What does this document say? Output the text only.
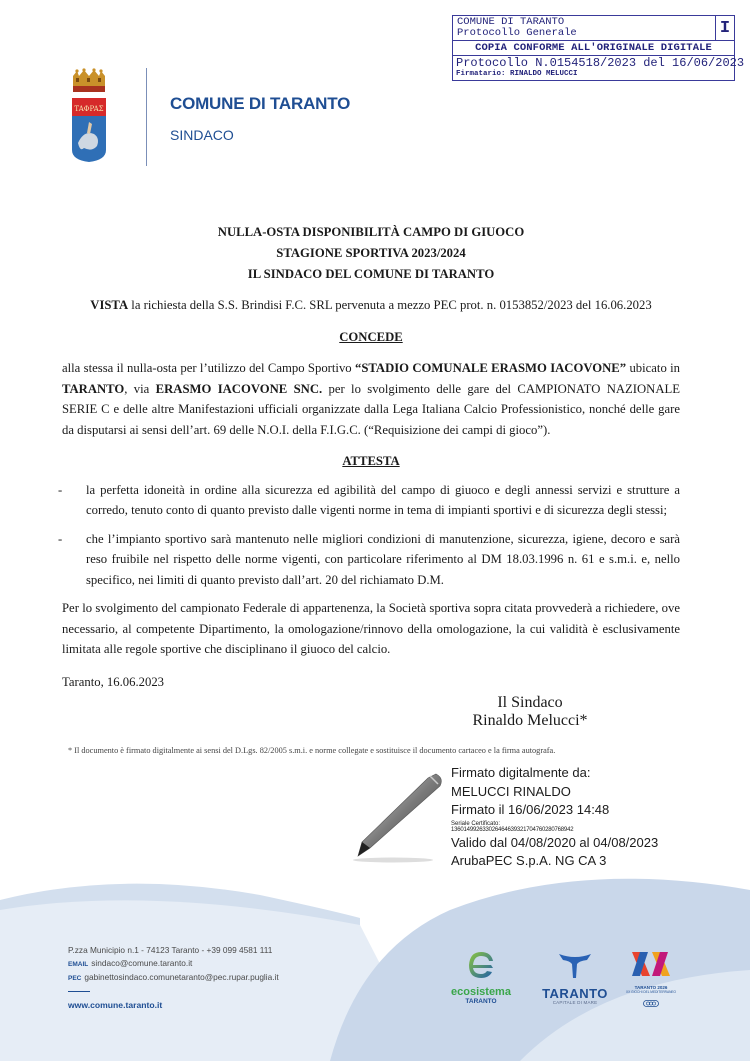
COMUNE DI TARANTO
Protocollo Generale	I
COPIA CONFORME ALL'ORIGINALE DIGITALE
Protocollo N.0154518/2023 del 16/06/2023
Firmatario: RINALDO MELUCCI
TAΦPAΣ	COMUNE DI TARANTO
SINDACO
NULLA-OSTA DISPONIBILITÀ CAMPO DI GIUOCO
STAGIONE SPORTIVA 2023/2024
IL SINDACO DEL COMUNE DI TARANTO
VISTA la richiesta della S.S. Brindisi F.C. SRL pervenuta a mezzo PEC prot. n. 0153852/2023 del 16.06.2023
CONCEDE
alla stessa il nulla-osta per l’utilizzo del Campo Sportivo “STADIO COMUNALE ERASMO IACOVONE” ubicato in TARANTO, via ERASMO IACOVONE SNC. per lo svolgimento delle gare del CAMPIONATO NAZIONALE SERIE C e delle altre Manifestazioni ufficiali organizzate dalla Lega Italiana Calcio Professionistico, nonché delle gare da disputarsi ai sensi dell’art. 69 delle N.O.I. della F.I.G.C. (“Requisizione dei campi di gioco”).
ATTESTA
-	la perfetta idoneità in ordine alla sicurezza ed agibilità del campo di giuoco e degli annessi servizi e strutture a corredo, tenuto conto di quanto previsto dalle vigenti norme in tema di impianti sportivi e di sicurezza degli stessi;
-	che l’impianto sportivo sarà mantenuto nelle migliori condizioni di manutenzione, sicurezza, igiene, decoro e sarà reso fruibile nel rispetto delle norme vigenti, con particolare riferimento al DM 18.03.1996 n. 61 e s.m.i. e, nello specifico, nei limiti di quanto previsto dall’art. 20 del richiamato D.M.
Per lo svolgimento del campionato Federale di appartenenza, la Società sportiva sopra citata provvederà a richiedere, ove necessario, al competente Dipartimento, la omologazione/rinnovo della omologazione, la cui validità è esclusivamente limitata alle regole sportive che disciplinano il giuoco del calcio.
Taranto, 16.06.2023
Il Sindaco
Rinaldo Melucci*
* Il documento è firmato digitalmente ai sensi del D.Lgs. 82/2005 s.m.i. e norme collegate e sostituisce il documento cartaceo e la firma autografa.
Firmato digitalmente da:
MELUCCI RINALDO
Firmato il 16/06/2023 14:48
Seriale Certificato:
136014992633026464639321704760280768942
Valido dal 04/08/2020 al 04/08/2023
ArubaPEC S.p.A. NG CA 3
P.zza Municipio n.1 - 74123 Taranto - +39 099 4581 111
EMAIL sindaco@comune.taranto.it
PEC gabinettosindaco.comunetaranto@pec.rupar.puglia.it
www.comune.taranto.it
ecosistema
TARANTO
TARANTO
CAPITALE DI MARE
TARANTO 2026
XX GIOCHI DEL MEDITERRANEO
